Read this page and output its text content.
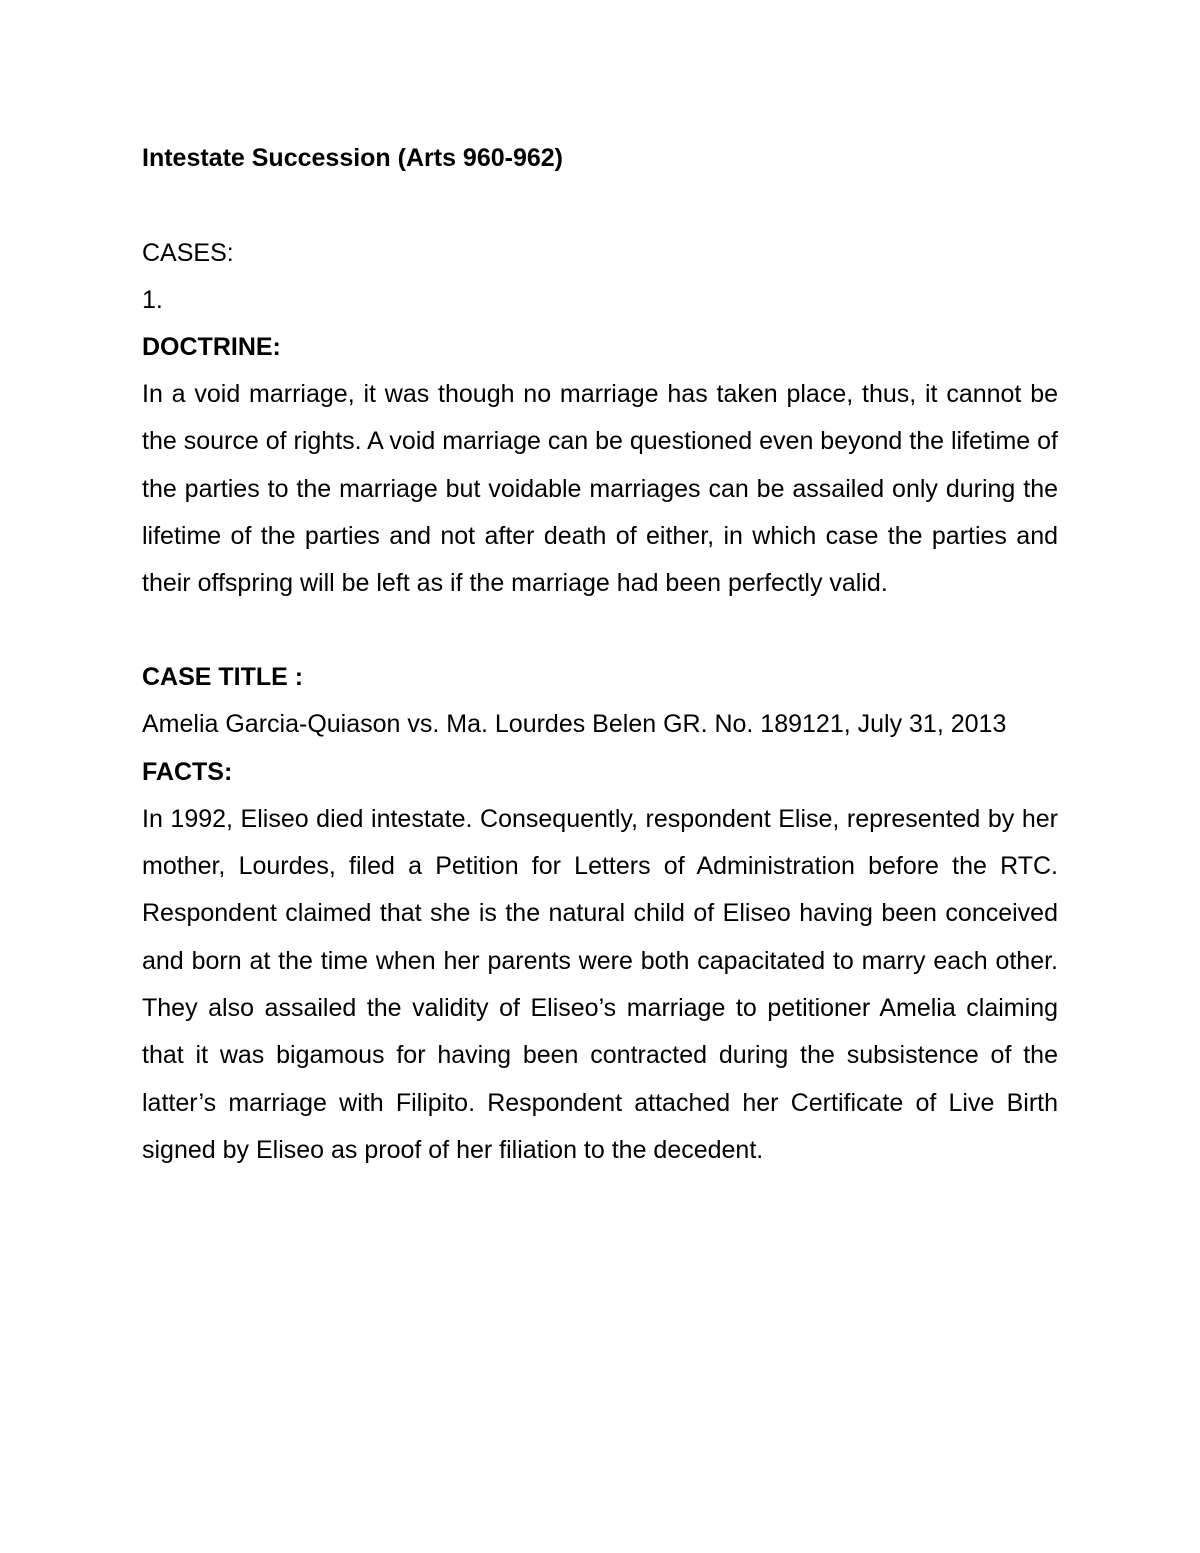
Intestate Succession (Arts 960-962)

CASES:

1.

DOCTRINE:

In a void marriage, it was though no marriage has taken place, thus, it cannot be the source of rights. A void marriage can be questioned even beyond the lifetime of the parties to the marriage but voidable marriages can be assailed only during the lifetime of the parties and not after death of either, in which case the parties and their offspring will be left as if the marriage had been perfectly valid.

CASE TITLE :

Amelia Garcia-Quiason vs. Ma. Lourdes Belen GR. No. 189121, July 31, 2013

FACTS:

In 1992, Eliseo died intestate. Consequently, respondent Elise, represented by her mother, Lourdes, filed a Petition for Letters of Administration before the RTC. Respondent claimed that she is the natural child of Eliseo having been conceived and born at the time when her parents were both capacitated to marry each other. They also assailed the validity of Eliseo’s marriage to petitioner Amelia claiming that it was bigamous for having been contracted during the subsistence of the latter’s marriage with Filipito. Respondent attached her Certificate of Live Birth signed by Eliseo as proof of her filiation to the decedent.
